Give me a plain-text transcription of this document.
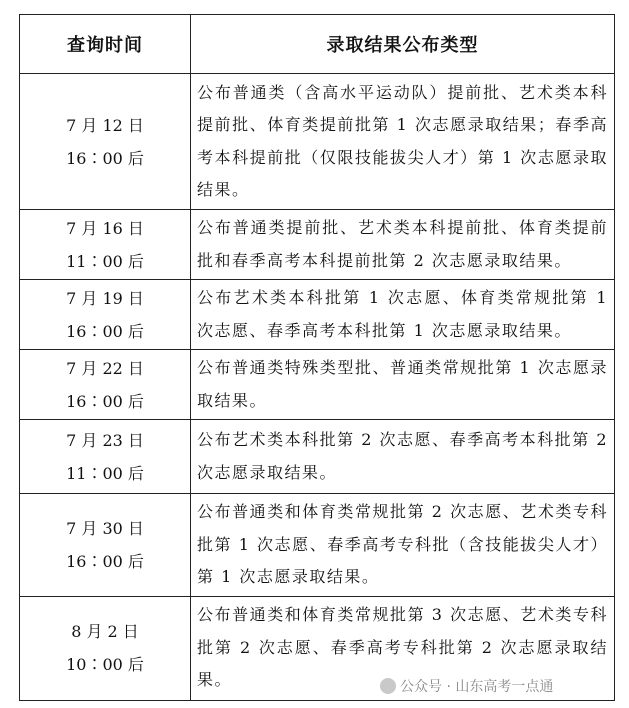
查询时间	录取结果公布类型

7 月 12 日
16∶00 后	公布普通类（含高水平运动队）提前批、艺术类本科提前批、体育类提前批第 1 次志愿录取结果；春季高考本科提前批（仅限技能拔尖人才）第 1 次志愿录取结果。

7 月 16 日
11∶00 后	公布普通类提前批、艺术类本科提前批、体育类提前批和春季高考本科提前批第 2 次志愿录取结果。

7 月 19 日
16∶00 后	公布艺术类本科批第 1 次志愿、体育类常规批第 1 次志愿、春季高考本科批第 1 次志愿录取结果。

7 月 22 日
16∶00 后	公布普通类特殊类型批、普通类常规批第 1 次志愿录取结果。

7 月 23 日
11∶00 后	公布艺术类本科批第 2 次志愿、春季高考本科批第 2 次志愿录取结果。

7 月 30 日
16∶00 后	公布普通类和体育类常规批第 2 次志愿、艺术类专科批第 1 次志愿、春季高考专科批（含技能拔尖人才）第 1 次志愿录取结果。

8 月 2 日
10∶00 后	公布普通类和体育类常规批第 3 次志愿、艺术类专科批第 2 次志愿、春季高考专科批第 2 次志愿录取结果。	公众号 · 山东高考一点通
